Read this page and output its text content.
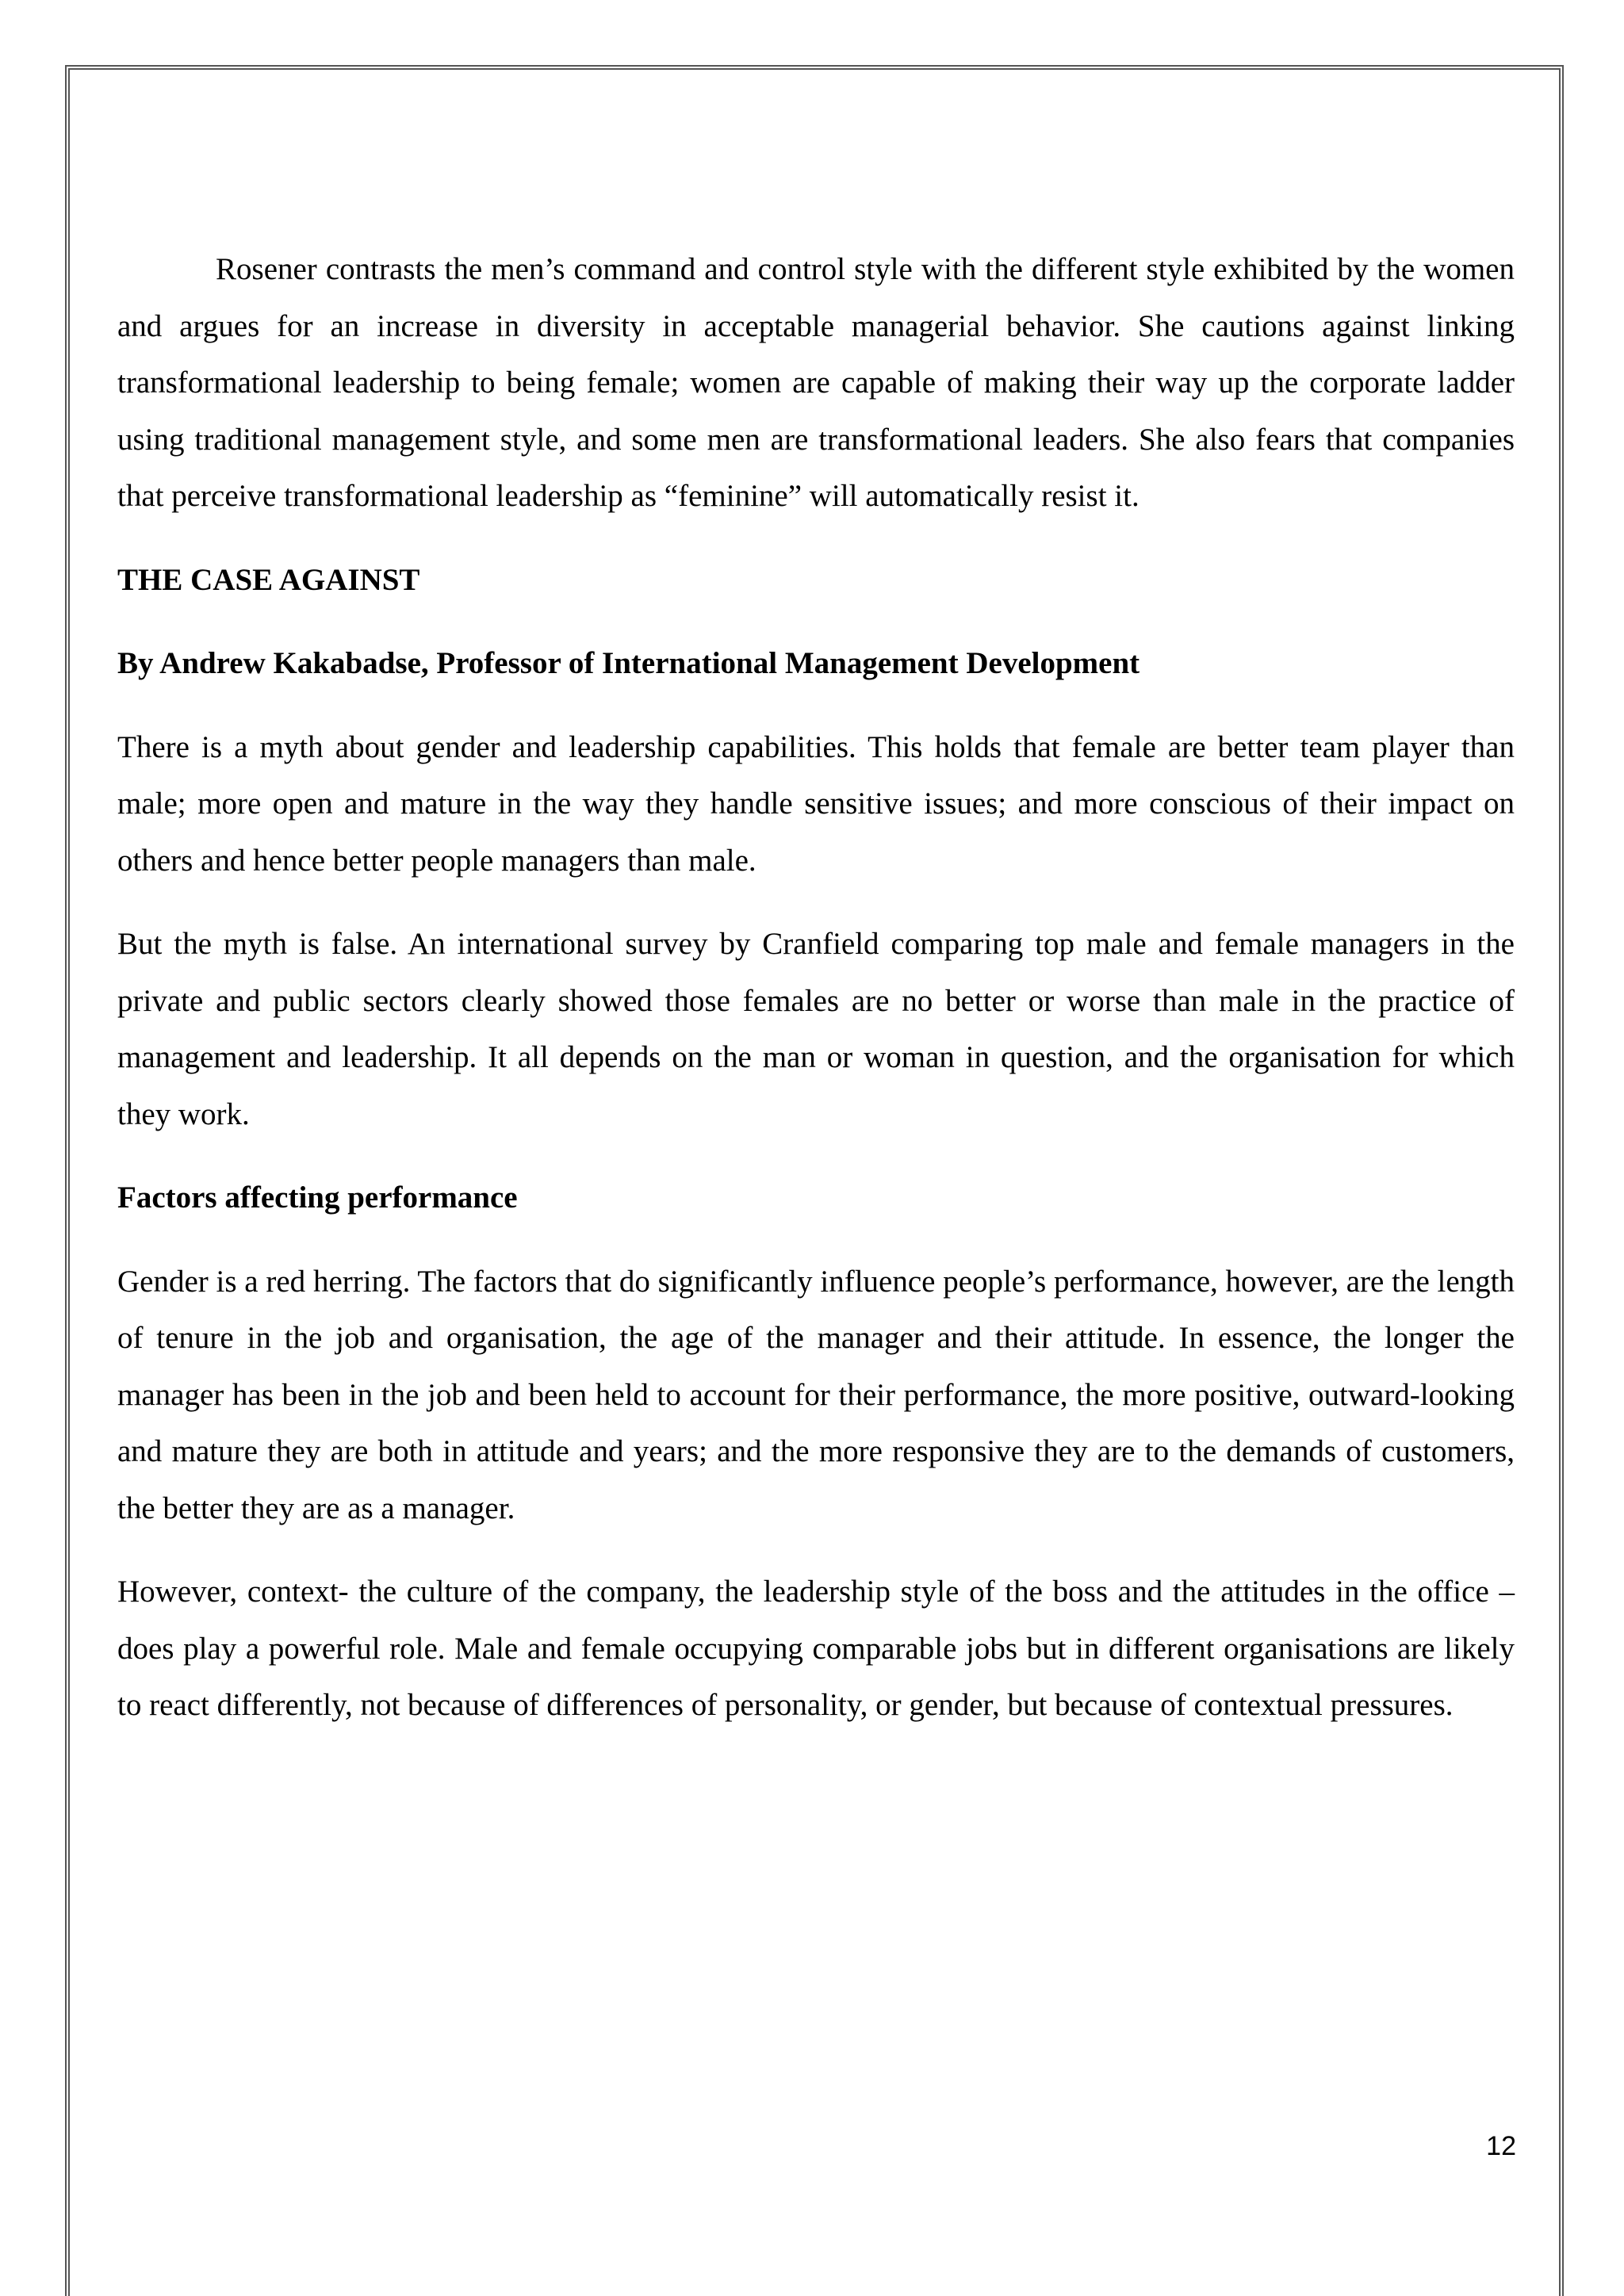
Rosener contrasts the men’s command and control style with the different style exhibited by the women and argues for an increase in diversity in acceptable managerial behavior. She cautions against linking transformational leadership to being female; women are capable of making their way up the corporate ladder using traditional management style, and some men are transformational leaders. She also fears that companies that perceive transformational leadership as “feminine” will automatically resist it.

THE CASE AGAINST

By Andrew Kakabadse, Professor of International Management Development

There is a myth about gender and leadership capabilities. This holds that female are better team player than male; more open and mature in the way they handle sensitive issues; and more conscious of their impact on others and hence better people managers than male.

But the myth is false. An international survey by Cranfield comparing top male and female managers in the private and public sectors clearly showed those females are no better or worse than male in the practice of management and leadership. It all depends on the man or woman in question, and the organisation for which they work.

Factors affecting performance

Gender is a red herring. The factors that do significantly influence people’s performance, however, are the length of tenure in the job and organisation, the age of the manager and their attitude. In essence, the longer the manager has been in the job and been held to account for their performance, the more positive, outward-looking and mature they are both in attitude and years; and the more responsive they are to the demands of customers, the better they are as a manager.

However, context- the culture of the company, the leadership style of the boss and the attitudes in the office –does play a powerful role. Male and female occupying comparable jobs but in different organisations are likely to react differently, not because of differences of personality, or gender, but because of contextual pressures.

12
